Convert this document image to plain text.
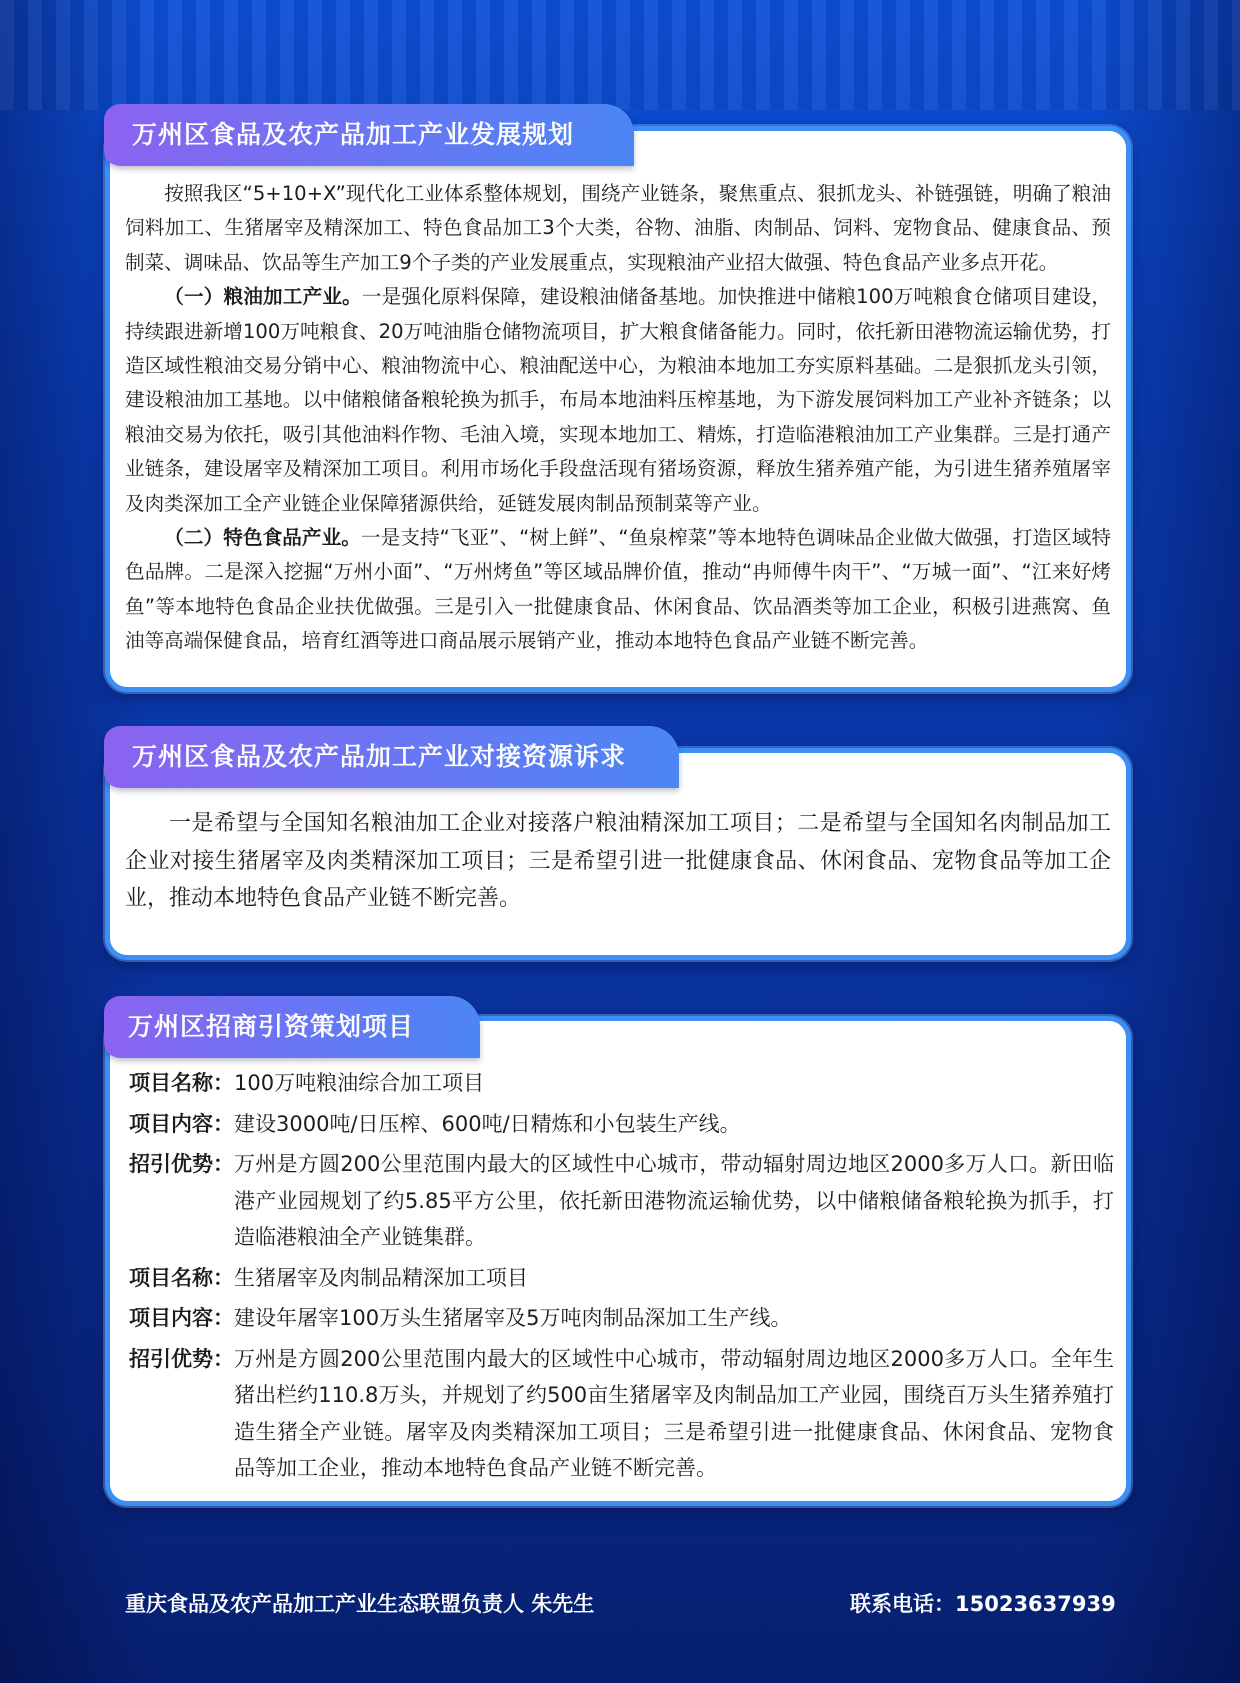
万州区食品及农产品加工产业发展规划

按照我区“5+10+X”现代化工业体系整体规划，围绕产业链条，聚焦重点、狠抓龙头、补链强链，明确了粮油饲料加工、生猪屠宰及精深加工、特色食品加工3个大类，谷物、油脂、肉制品、饲料、宠物食品、健康食品、预制菜、调味品、饮品等生产加工9个子类的产业发展重点，实现粮油产业招大做强、特色食品产业多点开花。

（一）粮油加工产业。一是强化原料保障，建设粮油储备基地。加快推进中储粮100万吨粮食仓储项目建设，持续跟进新增100万吨粮食、20万吨油脂仓储物流项目，扩大粮食储备能力。同时，依托新田港物流运输优势，打造区域性粮油交易分销中心、粮油物流中心、粮油配送中心，为粮油本地加工夯实原料基础。二是狠抓龙头引领，建设粮油加工基地。以中储粮储备粮轮换为抓手，布局本地油料压榨基地，为下游发展饲料加工产业补齐链条；以粮油交易为依托，吸引其他油料作物、毛油入境，实现本地加工、精炼，打造临港粮油加工产业集群。三是打通产业链条，建设屠宰及精深加工项目。利用市场化手段盘活现有猪场资源，释放生猪养殖产能，为引进生猪养殖屠宰及肉类深加工全产业链企业保障猪源供给，延链发展肉制品预制菜等产业。

（二）特色食品产业。一是支持“飞亚”、“树上鲜”、“鱼泉榨菜”等本地特色调味品企业做大做强，打造区域特色品牌。二是深入挖掘“万州小面”、“万州烤鱼”等区域品牌价值，推动“冉师傅牛肉干”、“万城一面”、“江来好烤鱼”等本地特色食品企业扶优做强。三是引入一批健康食品、休闲食品、饮品酒类等加工企业，积极引进燕窝、鱼油等高端保健食品，培育红酒等进口商品展示展销产业，推动本地特色食品产业链不断完善。

万州区食品及农产品加工产业对接资源诉求

一是希望与全国知名粮油加工企业对接落户粮油精深加工项目；二是希望与全国知名肉制品加工企业对接生猪屠宰及肉类精深加工项目；三是希望引进一批健康食品、休闲食品、宠物食品等加工企业，推动本地特色食品产业链不断完善。

万州区招商引资策划项目
项目名称： 100万吨粮油综合加工项目
项目内容： 建设3000吨/日压榨、600吨/日精炼和小包装生产线。
招引优势： 万州是方圆200公里范围内最大的区域性中心城市，带动辐射周边地区2000多万人口。新田临港产业园规划了约5.85平方公里，依托新田港物流运输优势，以中储粮储备粮轮换为抓手，打造临港粮油全产业链集群。
项目名称： 生猪屠宰及肉制品精深加工项目
项目内容： 建设年屠宰100万头生猪屠宰及5万吨肉制品深加工生产线。
招引优势： 万州是方圆200公里范围内最大的区域性中心城市，带动辐射周边地区2000多万人口。全年生猪出栏约110.8万头，并规划了约500亩生猪屠宰及肉制品加工产业园，围绕百万头生猪养殖打造生猪全产业链。屠宰及肉类精深加工项目；三是希望引进一批健康食品、休闲食品、宠物食品等加工企业，推动本地特色食品产业链不断完善。
重庆食品及农产品加工产业生态联盟负责人 朱先生	联系电话：15023637939
